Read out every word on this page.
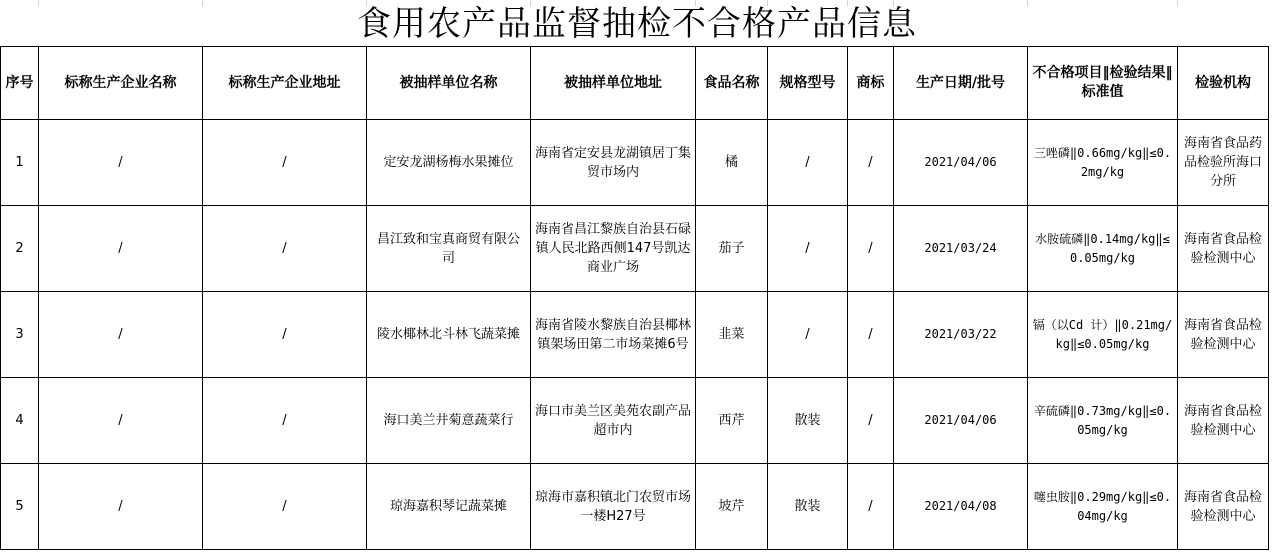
食用农产品监督抽检不合格产品信息
序号	标称生产企业名称	标称生产企业地址	被抽样单位名称	被抽样单位地址	食品名称	规格型号	商标	生产日期/批号	不合格项目‖检验结果‖标准值	检验机构
1	/	/	定安龙湖杨梅水果摊位	海南省定安县龙湖镇居丁集贸市场内	橘	/	/	2021/04/06	三唑磷‖0.66mg/kg‖≤0.2mg/kg	海南省食品药品检验所海口分所
2	/	/	昌江致和宝真商贸有限公司	海南省昌江黎族自治县石碌镇人民北路西侧147号凯达商业广场	茄子	/	/	2021/03/24	水胺硫磷‖0.14mg/kg‖≤0.05mg/kg	海南省食品检验检测中心
3	/	/	陵水椰林北斗林飞蔬菜摊	海南省陵水黎族自治县椰林镇架场田第二市场菜摊6号	韭菜	/	/	2021/03/22	镉（以Cd 计）‖0.21mg/kg‖≤0.05mg/kg	海南省食品检验检测中心
4	/	/	海口美兰井菊意蔬菜行	海口市美兰区美苑农副产品超市内	西芹	散装	/	2021/04/06	辛硫磷‖0.73mg/kg‖≤0.05mg/kg	海南省食品检验检测中心
5	/	/	琼海嘉积琴记蔬菜摊	琼海市嘉积镇北门农贸市场一楼H27号	坡芹	散装	/	2021/04/08	噻虫胺‖0.29mg/kg‖≤0.04mg/kg	海南省食品检验检测中心
